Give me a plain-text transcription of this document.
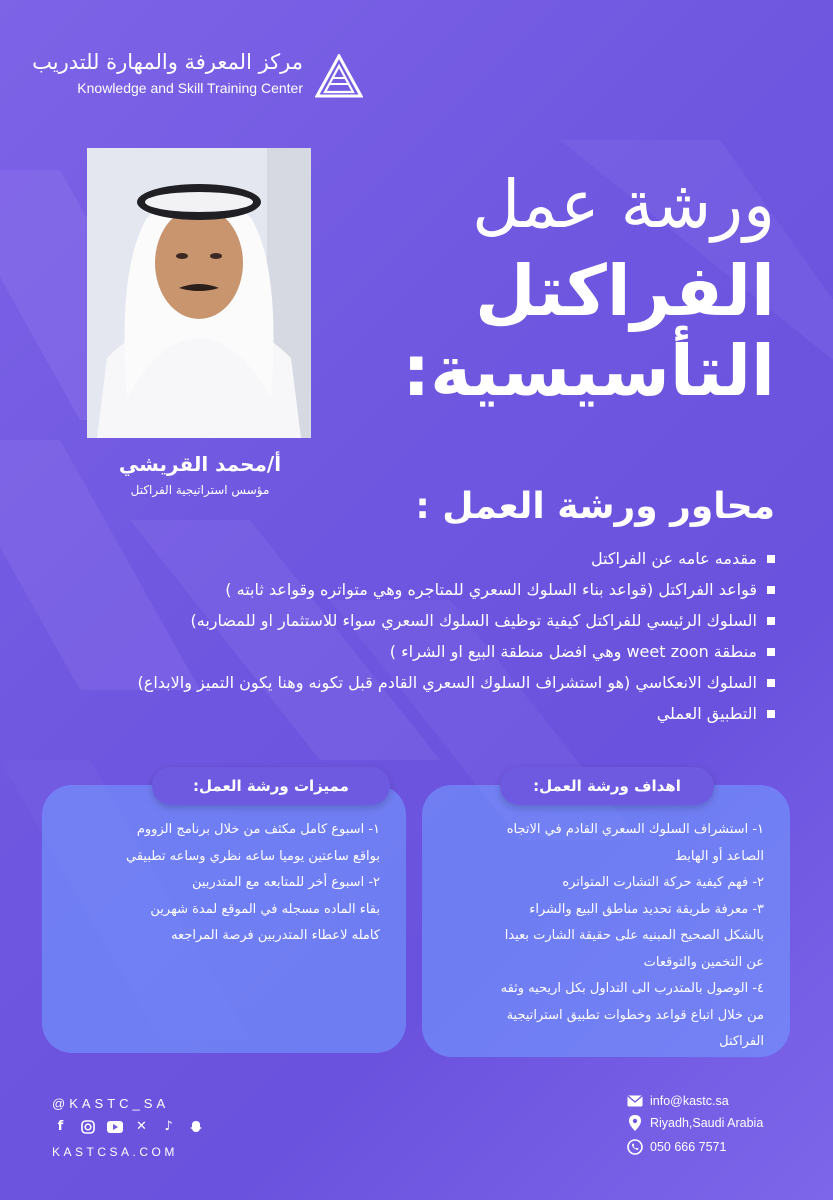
مركز المعرفة والمهارة للتدريب
Knowledge and Skill Training Center
أ/محمد القريشي
مؤسس استراتيجية الفراكتل
ورشة عمل
الفراكتل
التأسيسية:
محاور ورشة العمل :
مقدمه عامه عن الفراكتل
قواعد الفراكتل (قواعد بناء السلوك السعري للمتاجره وهي متواتره وقواعد ثابته )
السلوك الرئيسي للفراكتل كيفية توظيف السلوك السعري سواء للاستثمار او للمضاربه)
منطقة weet zoon وهي افضل منطقة البيع او الشراء )
السلوك الانعكاسي (هو استشراف السلوك السعري القادم قبل تكونه وهنا يكون التميز والابداع)
التطبيق العملي
اهداف ورشة العمل:
١- استشراف السلوك السعري القادم في الاتجاه
الصاعد أو الهابط
٢- فهم كيفية حركة التشارت المتواتره
٣- معرفة طريقة تحديد مناطق البيع والشراء
بالشكل الصحيح المبنيه على حقيقة الشارت بعيدا
عن التخمين والتوقعات
٤- الوصول بالمتدرب الى التداول بكل اريحيه وثقه
من خلال اتباع قواعد وخطوات تطبيق استراتيجية
الفراكتل
مميزات ورشة العمل:
١- اسبوع كامل مكثف من خلال برنامج الزووم
بواقع ساعتين يوميا ساعه نظري وساعه تطبيقي
٢- اسبوع أخر للمتابعه مع المتدربين
بقاء الماده مسجله في الموقع لمدة شهرين
كامله لاعطاء المتدربين فرصة المراجعه
@KASTC_SA
f	✕	♪
KASTCSA.COM
info@kastc.sa
Riyadh,Saudi Arabia
050 666 7571
